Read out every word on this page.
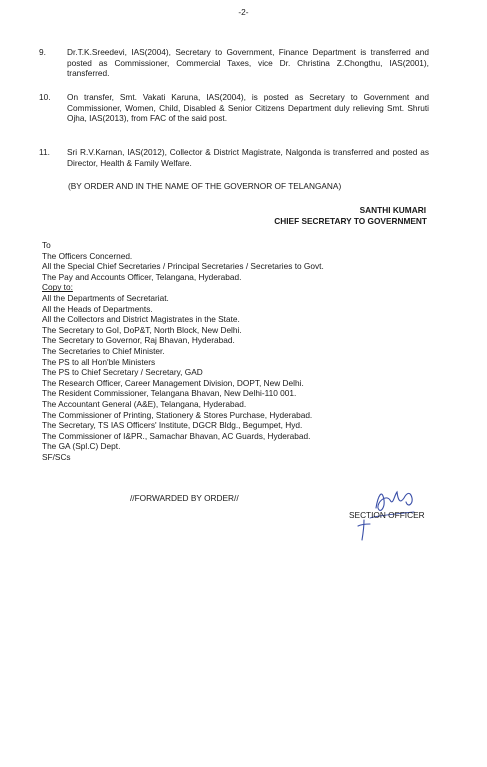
-2-
9.	Dr.T.K.Sreedevi, IAS(2004), Secretary to Government, Finance Department is transferred and posted as Commissioner, Commercial Taxes, vice Dr. Christina Z.Chongthu, IAS(2001), transferred.
10.	On transfer, Smt. Vakati Karuna, IAS(2004), is posted as Secretary to Government and Commissioner, Women, Child, Disabled & Senior Citizens Department duly relieving Smt. Shruti Ojha, IAS(2013), from FAC of the said post.
11.	Sri R.V.Karnan, IAS(2012), Collector & District Magistrate, Nalgonda is transferred and posted as Director, Health & Family Welfare.
(BY ORDER AND IN THE NAME OF THE GOVERNOR OF TELANGANA)
SANTHI KUMARI
CHIEF SECRETARY TO GOVERNMENT
To
The Officers Concerned.
All the Special Chief Secretaries / Principal Secretaries / Secretaries to Govt.
The Pay and Accounts Officer, Telangana, Hyderabad.
Copy to:
All the Departments of Secretariat.
All the Heads of Departments.
All the Collectors and District Magistrates in the State.
The Secretary to GoI, DoP&T, North Block, New Delhi.
The Secretary to Governor, Raj Bhavan, Hyderabad.
The Secretaries to Chief Minister.
The PS to all Hon'ble Ministers
The PS to Chief Secretary / Secretary, GAD
The Research Officer, Career Management Division, DOPT, New Delhi.
The Resident Commissioner, Telangana Bhavan, New Delhi-110 001.
The Accountant General (A&E), Telangana, Hyderabad.
The Commissioner of Printing, Stationery & Stores Purchase, Hyderabad.
The Secretary, TS IAS Officers' Institute, DGCR Bldg., Begumpet, Hyd.
The Commissioner of I&PR., Samachar Bhavan, AC Guards, Hyderabad.
The GA (Spl.C) Dept.
SF/SCs
//FORWARDED BY ORDER//
SECTION OFFICER
